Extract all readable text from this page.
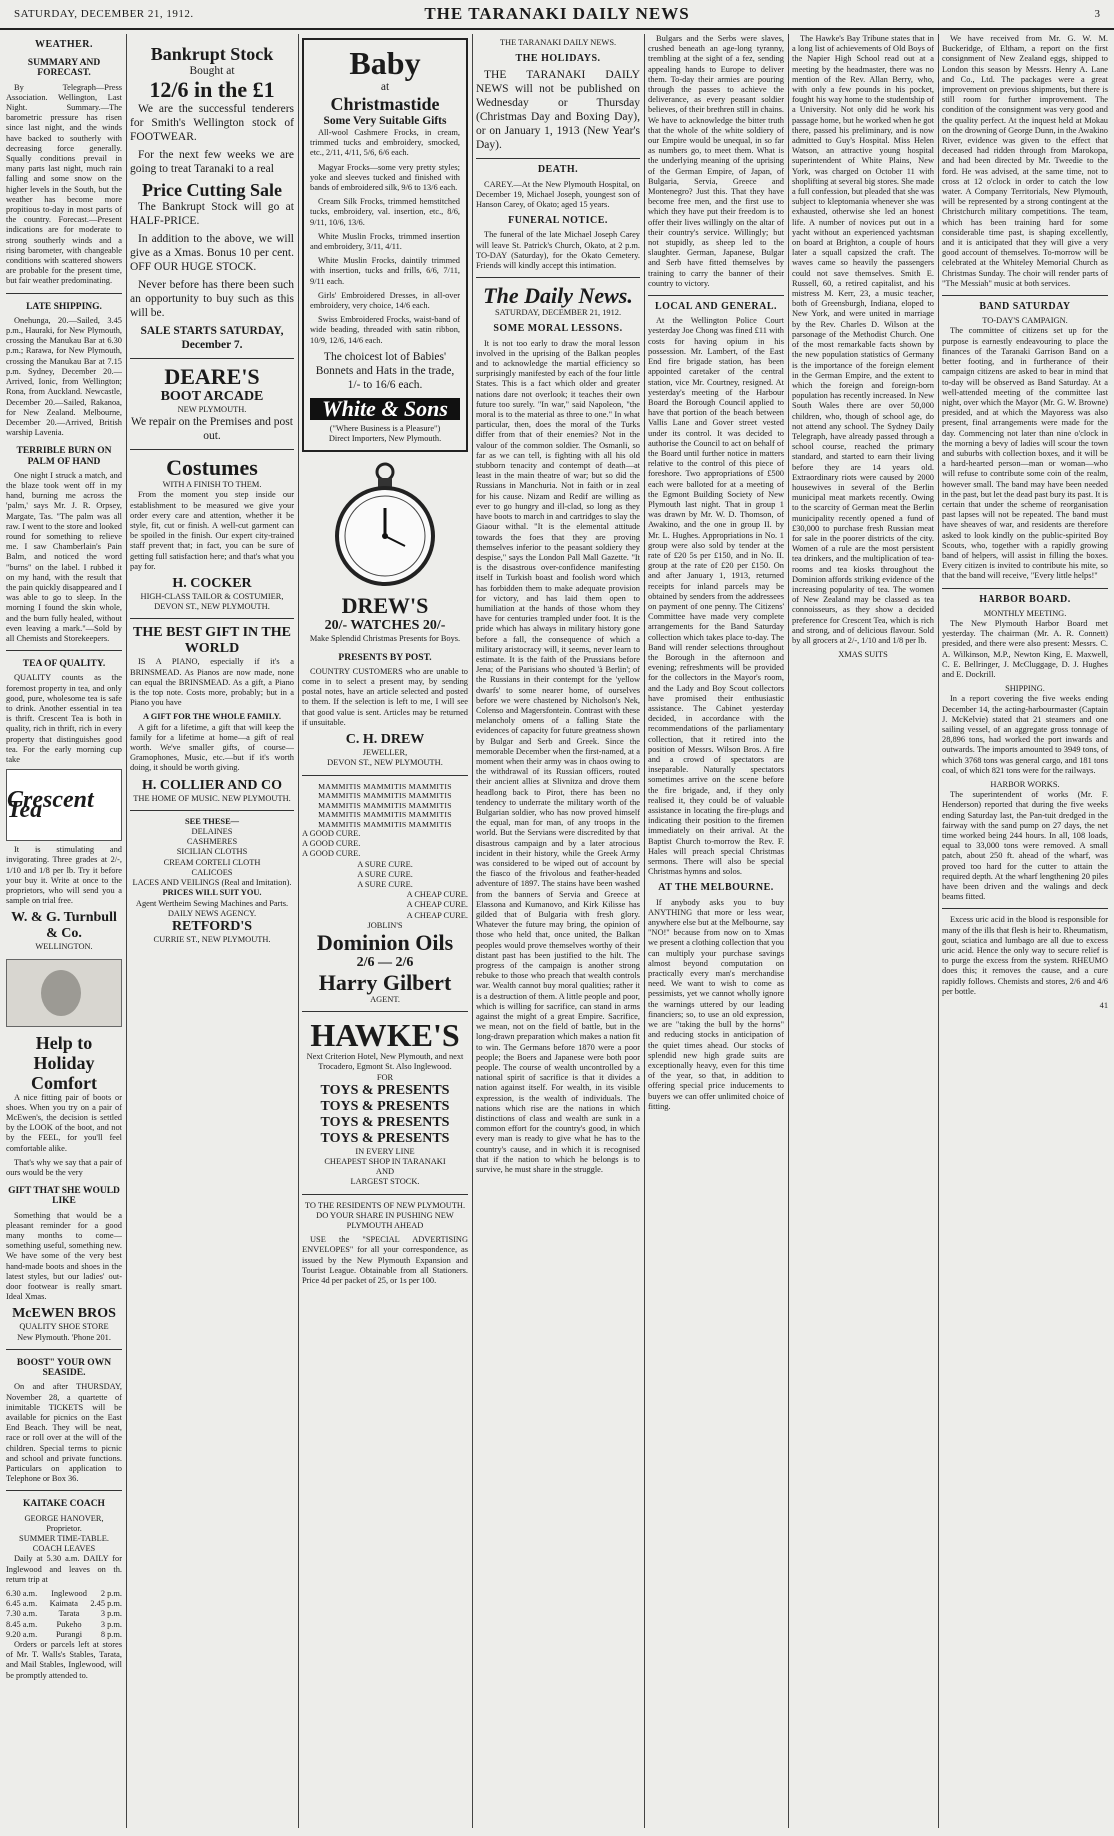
SATURDAY, DECEMBER 21, 1912.	THE TARANAKI DAILY NEWS	3
WEATHER.
SUMMARY AND FORECAST.

By Telegraph—Press Association. Wellington, Last Night. Summary.—The barometric pressure has risen since last night, and the winds have backed to southerly with decreasing force generally. Squally conditions prevail in many parts last night, much rain falling and some snow on the higher levels in the South, but the weather has become more propitious to-day in most parts of the country. Forecast.—Present indications are for moderate to strong southerly winds and a rising barometer, with changeable conditions with scattered showers are probable for the present time, but fair weather predominating.

LATE SHIPPING.

Onehunga, 20.—Sailed, 3.45 p.m., Hauraki, for New Plymouth, crossing the Manukau Bar at 6.30 p.m.; Rarawa, for New Plymouth, crossing the Manukau Bar at 7.15 p.m. Sydney, December 20.—Arrived, Ionic, from Wellington; Rona, from Auckland. Newcastle, December 20.—Sailed, Rakanoa, for New Zealand. Melbourne, December 20.—Arrived, British warship Lavenia.

TERRIBLE BURN ON PALM OF HAND

One night I struck a match, and the blaze took went off in my hand, burning me across the 'palm,' says Mr. J. R. Orpsey, Margate, Tas. "The palm was all raw. I went to the store and looked round for something to relieve me. I saw Chamberlain's Pain Balm, and noticed the word "burns" on the label. I rubbed it on my hand, with the result that the pain quickly disappeared and I was able to go to sleep. In the morning I found the skin whole, and the burn fully healed, without even leaving a mark."—Sold by all Chemists and Storekeepers.

TEA OF QUALITY.

QUALITY counts as the foremost property in tea, and only good, pure, wholesome tea is safe to drink. Another essential in tea is thrift. Crescent Tea is both in quality, rich in thrift, rich in every property that distinguishes good tea. For the early morning cup take

Crescent Tea

It is stimulating and invigorating. Three grades at 2/-, 1/10 and 1/8 per lb. Try it before your buy it. Write at once to the proprietors, who will send you a sample on trial free.

W. & G. Turnbull & Co.
WELLINGTON.
Help to Holiday Comfort

A nice fitting pair of boots or shoes. When you try on a pair of McEwen's, the decision is settled by the LOOK of the boot, and not by the FEEL, for you'll feel comfortable alike.

That's why we say that a pair of ours would be the very

GIFT THAT SHE WOULD LIKE

Something that would be a pleasant reminder for a good many months to come—something useful, something new. We have some of the very best hand-made boots and shoes in the latest styles, but our ladies' out-door footwear is really smart. Ideal Xmas.

McEWEN BROS
QUALITY SHOE STORE
New Plymouth. 'Phone 201.
BOOST" YOUR OWN SEASIDE.

On and after THURSDAY, November 28, a quartette of inimitable TICKETS will be available for picnics on the East End Beach. They will be neat, race or roll over at the will of the children. Special terms to picnic and school and private functions. Particulars on application to Telephone or Box 36.

KAITAKE COACH
GEORGE HANOVER, Proprietor.
SUMMER TIME-TABLE.
COACH LEAVES

Daily at 5.30 a.m. DAILY for Inglewood and leaves on th. return trip at

6.30 a.m. Inglewood 2 p.m.
6.45 a.m. Kaimata 2.45 p.m.
7.30 a.m.	Tarata	3 p.m.
8.45 a.m. Pukeho 3 p.m.
9.20 a.m. Purangi 8 p.m.

Orders or parcels left at stores of Mr. T. Walls's Stables, Tarata, and Mail Stables, Inglewood, will be promptly attended to.

Bankrupt Stock
Bought at
12/6 in the £1

We are the successful tenderers for Smith's Wellington stock of FOOTWEAR.

For the next few weeks we are going to treat Taranaki to a real

Price Cutting Sale

The Bankrupt Stock will go at HALF-PRICE.

In addition to the above, we will give as a Xmas. Bonus 10 per cent. OFF OUR HUGE STOCK.

Never before has there been such an opportunity to buy such as this will be.

SALE STARTS SATURDAY, December 7.
DEARE'S
BOOT ARCADE
NEW PLYMOUTH.

We repair on the Premises and post out.

Costumes
WITH A FINISH TO THEM.

From the moment you step inside our establishment to be measured we give your order every care and attention, whether it be style, fit, cut or finish. A well-cut garment can be spoiled in the finish. Our expert city-trained staff prevent that; in fact, you can be sure of getting full satisfaction here; and that's what you pay for.

H. COCKER
HIGH-CLASS TAILOR & COSTUMIER, DEVON ST., NEW PLYMOUTH.
THE BEST GIFT IN THE WORLD

IS A PIANO, especially if it's a BRINSMEAD. As Pianos are now made, none can equal the BRINSMEAD. As a gift, a Piano is the top note. Costs more, probably; but in a Piano you have

A GIFT FOR THE WHOLE FAMILY.

A gift for a lifetime, a gift that will keep the family for a lifetime at home—a gift of real worth. We've smaller gifts, of course—Gramophones, Music, etc.—but if it's worth doing, it should be worth giving.

H. COLLIER AND CO
THE HOME OF MUSIC. NEW PLYMOUTH.
SEE THESE—
DELAINES
CASHMERES
SICILIAN CLOTHS
CREAM CORTELI CLOTH
CALICOES
LACES AND VEILINGS (Real and Imitation).
PRICES WILL SUIT YOU.
Agent Wertheim Sewing Machines and Parts.
DAILY NEWS AGENCY.
RETFORD'S
CURRIE ST., NEW PLYMOUTH.
Baby
at
Christmastide
Some Very Suitable Gifts

All-wool Cashmere Frocks, in cream, trimmed tucks and embroidery, smocked, etc., 2/11, 4/11, 5/6, 6/6 each.

Magyar Frocks—some very pretty styles; yoke and sleeves tucked and finished with bands of embroidered silk, 9/6 to 13/6 each.

Cream Silk Frocks, trimmed hemstitched tucks, embroidery, val. insertion, etc., 8/6, 9/11, 10/6, 13/6.

White Muslin Frocks, trimmed insertion and embroidery, 3/11, 4/11.

White Muslin Frocks, daintily trimmed with insertion, tucks and frills, 6/6, 7/11, 9/11 each.

Girls' Embroidered Dresses, in all-over embroidery, very choice, 14/6 each.

Swiss Embroidered Frocks, waist-band of wide beading, threaded with satin ribbon, 10/9, 12/6, 14/6 each.

The choicest lot of Babies' Bonnets and Hats in the trade, 1/- to 16/6 each.

White & Sons
("Where Business is a Pleasure")
Direct Importers, New Plymouth.
DREW'S
20/- WATCHES 20/-
Make Splendid Christmas Presents for Boys.
PRESENTS BY POST.

COUNTRY CUSTOMERS who are unable to come in to select a present may, by sending postal notes, have an article selected and posted to them. If the selection is left to me, I will see that good value is sent. Articles may be returned if unsuitable.

C. H. DREW
JEWELLER,
DEVON ST., NEW PLYMOUTH.
MAMMITIS MAMMITIS MAMMITIS
MAMMITIS MAMMITIS MAMMITIS
MAMMITIS MAMMITIS MAMMITIS
MAMMITIS MAMMITIS MAMMITIS
MAMMITIS MAMMITIS MAMMITIS
A GOOD CURE.
A GOOD CURE.
A GOOD CURE.
A SURE CURE.
A SURE CURE.
A SURE CURE.
A CHEAP CURE.
A CHEAP CURE.
A CHEAP CURE.
JOBLIN'S
Dominion Oils
2/6 — 2/6
Harry Gilbert
AGENT.
HAWKE'S
Next Criterion Hotel, New Plymouth, and next Trocadero, Egmont St. Also Inglewood.
FOR
TOYS & PRESENTS
TOYS & PRESENTS
TOYS & PRESENTS
TOYS & PRESENTS
IN EVERY LINE
CHEAPEST SHOP IN TARANAKI
AND
LARGEST STOCK.

TO THE RESIDENTS OF NEW PLYMOUTH. DO YOUR SHARE IN PUSHING NEW PLYMOUTH AHEAD

USE the "SPECIAL ADVERTISING ENVELOPES" for all your correspondence, as issued by the New Plymouth Expansion and Tourist League. Obtainable from all Stationers. Price 4d per packet of 25, or 1s per 100.

THE TARANAKI DAILY NEWS.
THE HOLIDAYS.

THE TARANAKI DAILY NEWS will not be published on Wednesday or Thursday (Christmas Day and Boxing Day), or on January 1, 1913 (New Year's Day).

DEATH.

CAREY.—At the New Plymouth Hospital, on December 19, Michael Joseph, youngest son of Hanson Carey, of Okato; aged 15 years.

FUNERAL NOTICE.

The funeral of the late Michael Joseph Carey will leave St. Patrick's Church, Okato, at 2 p.m. TO-DAY (Saturday), for the Okato Cemetery. Friends will kindly accept this intimation.

The Daily News.
SATURDAY, DECEMBER 21, 1912.
SOME MORAL LESSONS.

It is not too early to draw the moral lesson involved in the uprising of the Balkan peoples and to acknowledge the martial efficiency so surprisingly manifested by each of the four little States. This is a fact which older and greater nations dare not overlook; it teaches their own future too surely. "In war," said Napoleon, "the moral is to the material as three to one." In what particular, then, does the moral of the Turks differ from that of their enemies? Not in the valour of the common soldier. The Osmanli, so far as we can tell, is fighting with all his old stubborn tenacity and contempt of death—at least in the main theatre of war; but so did the Russians in Manchuria. Not in faith or in zeal for his cause. Nizam and Redif are willing as ever to go hungry and ill-clad, so long as they have boots to march in and cartridges to slay the Giaour withal. "It is the elemental attitude towards the foes that they are proving themselves inferior to the peasant soldiery they despise," says the London Pall Mall Gazette. "It is the disastrous over-confidence manifesting itself in Turkish boast and foolish word which has forbidden them to make adequate provision for victory, and has laid them open to humiliation at the hands of those whom they have for centuries trampled under foot. It is the pride which has always in military history gone before a fall, the consequence of which a military aristocracy will, it seems, never learn to estimate. It is the faith of the Prussians before Jena; of the Parisians who shouted 'à Berlin'; of the Russians in their contempt for the 'yellow dwarfs' to some nearer home, of ourselves before we were chastened by Nicholson's Nek, Colenso and Magersfontein. Contrast with these melancholy omens of a falling State the evidences of capacity for future greatness shown by Bulgar and Serb and Greek. Since the memorable December when the first-named, at a moment when their army was in chaos owing to the withdrawal of its Russian officers, routed their ancient allies at Slivnitza and drove them headlong back to Pirot, there has been no tendency to underrate the military worth of the Bulgarian soldier, who has now proved himself the equal, man for man, of any troops in the world. But the Servians were discredited by that disastrous campaign and by a later atrocious incident in their history, while the Greek Army was considered to be wiped out of account by the fiasco of the frivolous and feather-headed adventure of 1897. The stains have been washed from the banners of Servia and Greece at Elassona and Kumanovo, and Kirk Kilisse has gilded that of Bulgaria with fresh glory. Whatever the future may bring, the opinion of those who held that, once united, the Balkan peoples would prove themselves worthy of their distant past has been justified to the hilt. The progress of the campaign is another strong rebuke to those who preach that wealth controls war. Wealth cannot buy moral qualities; rather it is a destruction of them. A little people and poor, which is willing for sacrifice, can stand in arms against the might of a great Empire. Sacrifice, we mean, not on the field of battle, but in the long-drawn preparation which makes a nation fit to win. The Germans before 1870 were a poor people; the Boers and Japanese were both poor people. The course of wealth uncontrolled by a national spirit of sacrifice is that it divides a nation against itself. For wealth, in its visible expression, is the wealth of individuals. The nations which rise are the nations in which distinctions of class and wealth are sunk in a common effort for the country's good, in which every man is ready to give what he has to the country's cause, and in which it is recognised that if the nation to which he belongs is to survive, he must share in the struggle.

Bulgars and the Serbs were slaves, crushed beneath an age-long tyranny, trembling at the sight of a fez, sending appealing hands to Europe to deliver them. To-day their armies are pouring through the passes to achieve the deliverance, as every peasant soldier believes, of their brethren still in chains. We have to acknowledge the bitter truth that the whole of the white soldiery of our Empire would be unequal, in so far as numbers go, to meet them. What is the underlying meaning of the uprising of the German Empire, of Japan, of Bulgaria, Servia, Greece and Montenegro? Just this. That they have become free men, and the first use to which they have put their freedom is to offer their lives willingly on the altar of their country's service. Willingly; but not stupidly, as sheep led to the slaughter. German, Japanese, Bulgar and Serb have fitted themselves by training to carry the banner of their country to victory.

LOCAL AND GENERAL.

At the Wellington Police Court yesterday Joe Chong was fined £11 with costs for having opium in his possession. Mr. Lambert, of the East End fire brigade station, has been appointed caretaker of the central station, vice Mr. Courtney, resigned. At yesterday's meeting of the Harbour Board the Borough Council applied to have that portion of the beach between Vallis Lane and Gover street vested under its control. It was decided to authorise the Council to act on behalf of the Board until further notice in matters relative to the control of this piece of foreshore. Two appropriations of £500 each were balloted for at a meeting of the Egmont Building Society of New Plymouth last night. That in group 1 was drawn by Mr. W. D. Thomson, of Awakino, and the one in group II. by Mr. L. Hughes. Appropriations in No. 1 group were also sold by tender at the rate of £20 5s per £150, and in No. II. group at the rate of £20 per £150. On and after January 1, 1913, returned receipts for inland parcels may be obtained by senders from the addressees on payment of one penny. The Citizens' Committee have made very complete arrangements for the Band Saturday collection which takes place to-day. The Band will render selections throughout the Borough in the afternoon and evening; refreshments will be provided for the collectors in the Mayor's room, and the Lady and Boy Scout collectors have promised their enthusiastic assistance. The Cabinet yesterday decided, in accordance with the recommendations of the parliamentary collection, that it retired into the position of Messrs. Wilson Bros. A fire and a crowd of spectators are inseparable. Naturally spectators sometimes arrive on the scene before the fire brigade, and, if they only realised it, they could be of valuable assistance in locating the fire-plugs and indicating their position to the firemen immediately on their arrival. At the Baptist Church to-morrow the Rev. F. Hales will preach special Christmas sermons. There will also be special Christmas hymns and solos.

AT THE MELBOURNE.

If anybody asks you to buy ANYTHING that more or less wear, anywhere else but at the Melbourne, say "NO!" because from now on to Xmas we present a clothing collection that you can multiply your purchase savings almost beyond computation on practically every man's merchandise need. We want to wish to come as pessimists, yet we cannot wholly ignore the warnings uttered by our leading financiers; so, to use an old expression, we are "taking the bull by the horns" and reducing stocks in anticipation of the quiet times ahead. Our stocks of splendid new high grade suits are exceptionally heavy, even for this time of the year, so that, in addition to offering special price inducements to buyers we can offer unlimited choice of fitting.

The Hawke's Bay Tribune states that in a long list of achievements of Old Boys of the Napier High School read out at a meeting by the headmaster, there was no mention of the Rev. Allan Berry, who, with only a few pounds in his pocket, fought his way home to the studentship of a University. Not only did he work his passage home, but he worked when he got there, passed his preliminary, and is now admitted to Guy's Hospital. Miss Helen Watson, an attractive young hospital superintendent of White Plains, New York, was charged on October 11 with shoplifting at several big stores. She made a full confession, but pleaded that she was subject to kleptomania whenever she was exhausted, otherwise she led an honest life. A number of novices put out in a yacht without an experienced yachtsman on board at Brighton, a couple of hours later a squall capsized the craft. The waves came so heavily the passengers could not save themselves. Smith E. Russell, 60, a retired capitalist, and his mistress M. Kerr, 23, a music teacher, both of Greensburgh, Indiana, eloped to New York, and were united in marriage by the Rev. Charles D. Wilson at the parsonage of the Methodist Church. One of the most remarkable facts shown by the new population statistics of Germany is the importance of the foreign element in the German Empire, and the extent to which the foreign and foreign-born population has recently increased. In New South Wales there are over 50,000 children, who, though of school age, do not attend any school. The Sydney Daily Telegraph, have already passed through a school course, reached the primary standard, and started to earn their living before they are 14 years old. Extraordinary riots were caused by 2000 housewives in several of the Berlin municipal meat markets recently. Owing to the scarcity of German meat the Berlin municipality recently opened a fund of £30,000 to purchase fresh Russian meat for sale in the poorer districts of the city. Women of a rule are the most persistent tea drinkers, and the multiplication of tea-rooms and tea kiosks throughout the Dominion affords striking evidence of the increasing popularity of tea. The women of New Zealand may be classed as tea connoisseurs, as they show a decided preference for Crescent Tea, which is rich and strong, and of delicious flavour. Sold by all grocers at 2/-, 1/10 and 1/8 per lb.

XMAS SUITS

We have received from Mr. G. W. M. Buckeridge, of Eltham, a report on the first consignment of New Zealand eggs, shipped to London this season by Messrs. Henry A. Lane and Co., Ltd. The packages were a great improvement on previous shipments, but there is still room for further improvement. The condition of the consignment was very good and the quality perfect. At the inquest held at Mokau on the drowning of George Dunn, in the Awakino River, evidence was given to the effect that deceased had ridden through from Marokopa, and had been directed by Mr. Tweedie to the ford. He was advised, at the same time, not to cross at 12 o'clock in order to catch the low water. A Company Territorials, New Plymouth, will be represented by a strong contingent at the Christchurch military competitions. The team, which has been training hard for some considerable time past, is shaping excellently, and it is anticipated that they will give a very good account of themselves. To-morrow will be celebrated at the Whiteley Memorial Church as Christmas Sunday. The choir will render parts of "The Messiah" music at both services.

BAND SATURDAY
TO-DAY'S CAMPAIGN.

The committee of citizens set up for the purpose is earnestly endeavouring to place the finances of the Taranaki Garrison Band on a better footing, and in furtherance of their campaign citizens are asked to bear in mind that to-day will be observed as Band Saturday. At a well-attended meeting of the committee last night, over which the Mayor (Mr. G. W. Browne) presided, and at which the Mayoress was also present, final arrangements were made for the day. Commencing not later than nine o'clock in the morning a bevy of ladies will scour the town and suburbs with collection boxes, and it will be a hard-hearted person—man or woman—who will refuse to contribute some coin of the realm, however small. The band may have been needed in the past, but let the dead past bury its past. It is certain that under the scheme of reorganisation past lapses will not be repeated. The band must have sheaves of war, and residents are therefore asked to look kindly on the public-spirited Boy Scouts, who, together with a rapidly growing band of helpers, will assist in filling the boxes. Every citizen is invited to contribute his mite, so that the band will receive, "Every little helps!"

HARBOR BOARD.
MONTHLY MEETING.

The New Plymouth Harbor Board met yesterday. The chairman (Mr. A. R. Connett) presided, and there were also present: Messrs. C. A. Wilkinson, M.P., Newton King, E. Maxwell, C. E. Bellringer, J. McCluggage, D. J. Hughes and E. Dockrill.

SHIPPING.

In a report covering the five weeks ending December 14, the acting-harbourmaster (Captain J. McKelvie) stated that 21 steamers and one sailing vessel, of an aggregate gross tonnage of 28,896 tons, had worked the port inwards and outwards. The imports amounted to 3949 tons, of which 3768 tons was general cargo, and 181 tons coal, of which 821 tons were for the railways.

HARBOR WORKS.

The superintendent of works (Mr. F. Henderson) reported that during the five weeks ending Saturday last, the Pan-tuit dredged in the fairway with the sand pump on 27 days, the net time worked being 244 hours. In all, 108 loads, equal to 33,000 tons were removed. A small patch, about 250 ft. ahead of the wharf, was proved too hard for the cutter to attain the required depth. At the wharf lengthening 20 piles have been driven and the walings and deck beams fitted.

Excess uric acid in the blood is responsible for many of the ills that flesh is heir to. Rheumatism, gout, sciatica and lumbago are all due to excess uric acid. Hence the only way to secure relief is to purge the excess from the system. RHEUMO does this; it removes the cause, and a cure rapidly follows. Chemists and stores, 2/6 and 4/6 per bottle.

41
